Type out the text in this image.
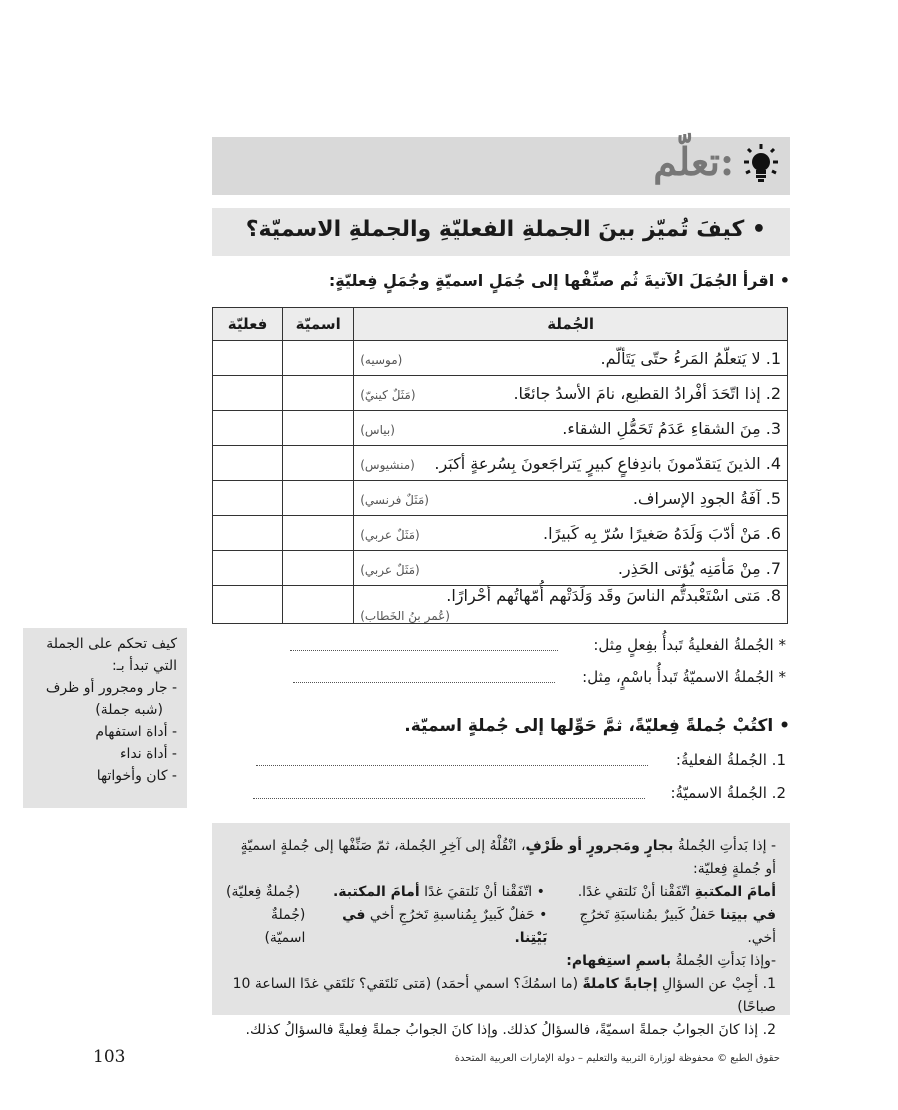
تعلّم:
• كيفَ تُميّز بينَ الجملةِ الفعليّةِ والجملةِ الاسميّة؟
• اقرأ الجُمَلَ الآتيةَ ثُم صنِّفْها إلى جُمَلٍ اسميّةٍ وجُمَلٍ فِعليّةٍ:
الجُملة	اسميّة	فعليّة
1. لا يَتعلّمُ المَرءُ حتّى يَتَألّم.
(موسيه)		

2. إذا اتّحَدَ أفْرادُ القطيع، نامَ الأسدُ جائعًا.
(مَثَلٌ كينيّ)		

3. مِنَ الشقاءِ عَدَمُ تَحَمُّلِ الشقاء.
(بياس)		

4. الذينَ يَتقدّمونَ باندِفاعٍ كبيرٍ يَتراجَعونَ بِسُرعةٍ أكبَر.
(منشيوس)		

5. آفَةُ الجودِ الإسراف.
(مَثَلٌ فرنسي)		

6. مَنْ أدّبَ وَلَدَهُ صَغيرًا سُرّ بِه كَبيرًا.
(مَثَلٌ عربي)		

7. مِنْ مَأمَنِه يُؤتى الحَذِر.
(مَثَلٌ عربي)		

8. مَتى اسْتَعْبدتُّم الناسَ وقَد وَلَدَتْهم أُمّهاتُهم أحْرارًا.
(عُمر بنُ الخَطاب)		

* الجُملةُ الفعليةُ تَبدأُ بفِعلٍ مِثل:
* الجُملةُ الاسميّةُ تَبدأُ باسْمٍ، مِثل:
كيف تحكم على الجملة التي تبدأ بـ:
- جار ومجرور أو ظرف
(شبه جملة)
- أداة استفهام
- أداة نداء
- كان وأخواتها
• اكتُبْ جُملةً فِعليّةً، ثمَّ حَوِّلها إلى جُملةٍ اسميّة.
1. الجُملةُ الفعليةُ:
2. الجُملةُ الاسميّةُ:
- إذا بَدأتِ الجُملةُ بجارٍ ومَجرورٍ أو ظَرْفٍ، انْقُلْهُ إلى آخِرِ الجُملة، ثمّ صَنِّفْها إلى جُملةٍ اسميّةٍ أو جُملةٍ فِعليّة:
أمامَ المكتبةِ اتّفَقْنا أنْ نَلتقي غدًا.
• اتّفَقْنا أنْ نَلتقيَ غدًا أمامَ المكتبة.
(جُملةٌ فِعليّة)
في بيتِنا حَفلُ كَبيرٌ بمُناسبَةِ تَخرُجِ أخي.
• حَفلٌ كَبيرٌ بِمُناسبةِ تَخرُجِ أخي في بَيْتِنا.
(جُملةٌ اسميّة)
-وإذا بَدأتِ الجُملةُ باسمِ استِفهام:
1. أجِبْ عن السؤالِ إجابةً كاملةً (ما اسمُكَ؟ اسمي أحمَد) (مَتى نَلتَقي؟ نَلتَقي غدًا الساعة 10 صباحًا)
2. إذا كانَ الجوابُ جملةً اسميّةً، فالسؤالُ كذلك. وإذا كانَ الجوابُ جملةً فِعليةً فالسؤالُ كذلك.
103	حقوق الطبع © محفوظة لوزارة التربية والتعليم – دولة الإمارات العربية المتحدة
